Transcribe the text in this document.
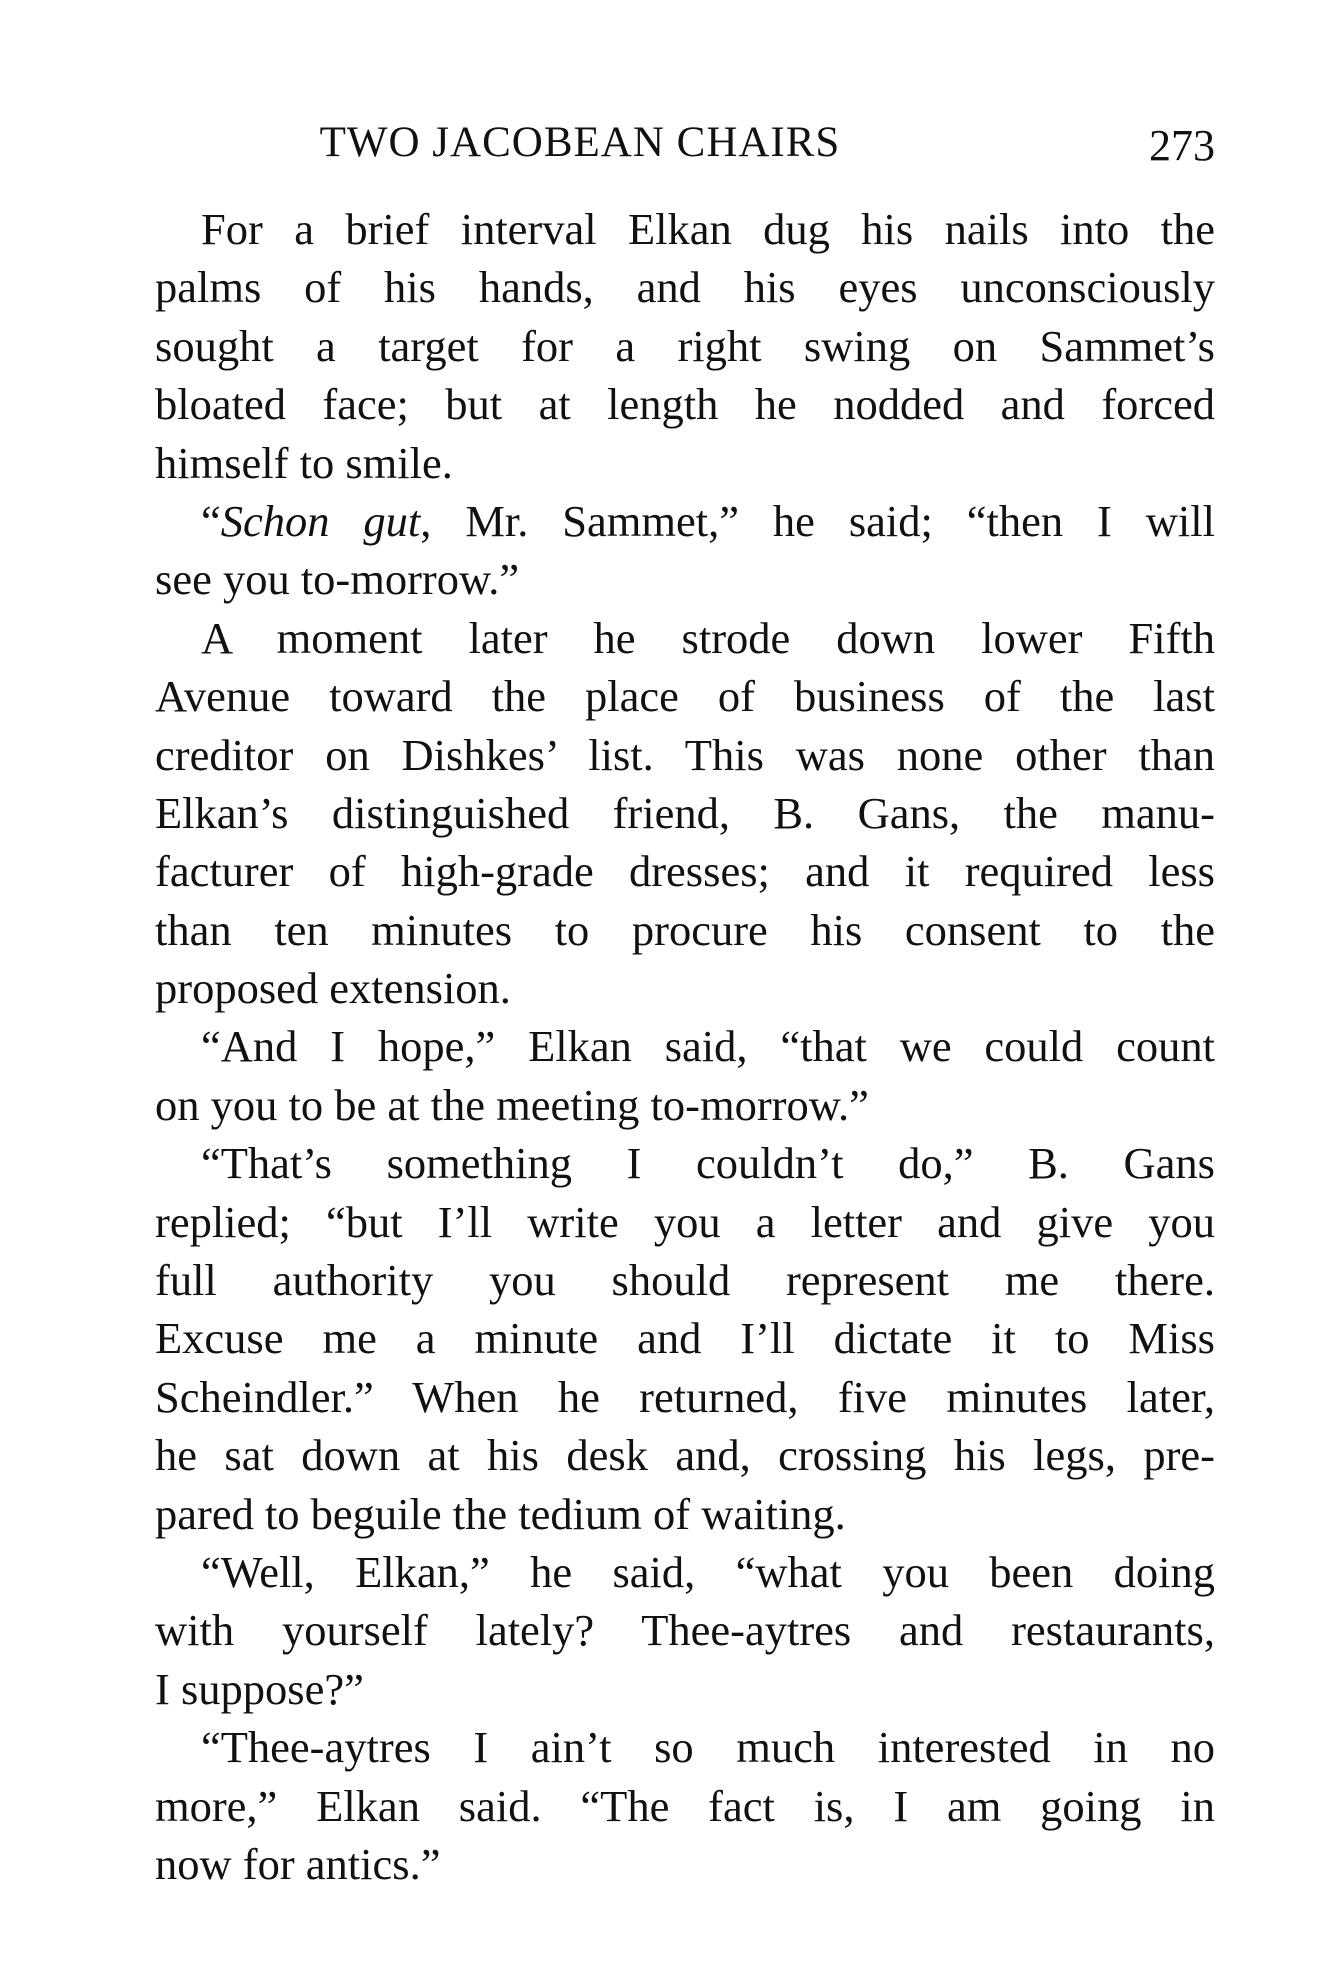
TWO JACOBEAN CHAIRS	273
For a brief interval Elkan dug his nails into the
palms of his hands, and his eyes unconsciously
sought a target for a right swing on Sammet’s
bloated face; but at length he nodded and forced
himself to smile.
“Schon gut, Mr. Sammet,” he said; “then I will
see you to-morrow.”
A moment later he strode down lower Fifth
Avenue toward the place of business of the last
creditor on Dishkes’ list. This was none other than
Elkan’s distinguished friend, B. Gans, the manu-
facturer of high-grade dresses; and it required less
than ten minutes to procure his consent to the
proposed extension.
“And I hope,” Elkan said, “that we could count
on you to be at the meeting to-morrow.”
“That’s something I couldn’t do,” B. Gans
replied; “but I’ll write you a letter and give you
full authority you should represent me there.
Excuse me a minute and I’ll dictate it to Miss
Scheindler.” When he returned, five minutes later,
he sat down at his desk and, crossing his legs, pre-
pared to beguile the tedium of waiting.
“Well, Elkan,” he said, “what you been doing
with yourself lately? Thee-aytres and restaurants,
I suppose?”
“Thee-aytres I ain’t so much interested in no
more,” Elkan said. “The fact is, I am going in
now for antics.”
